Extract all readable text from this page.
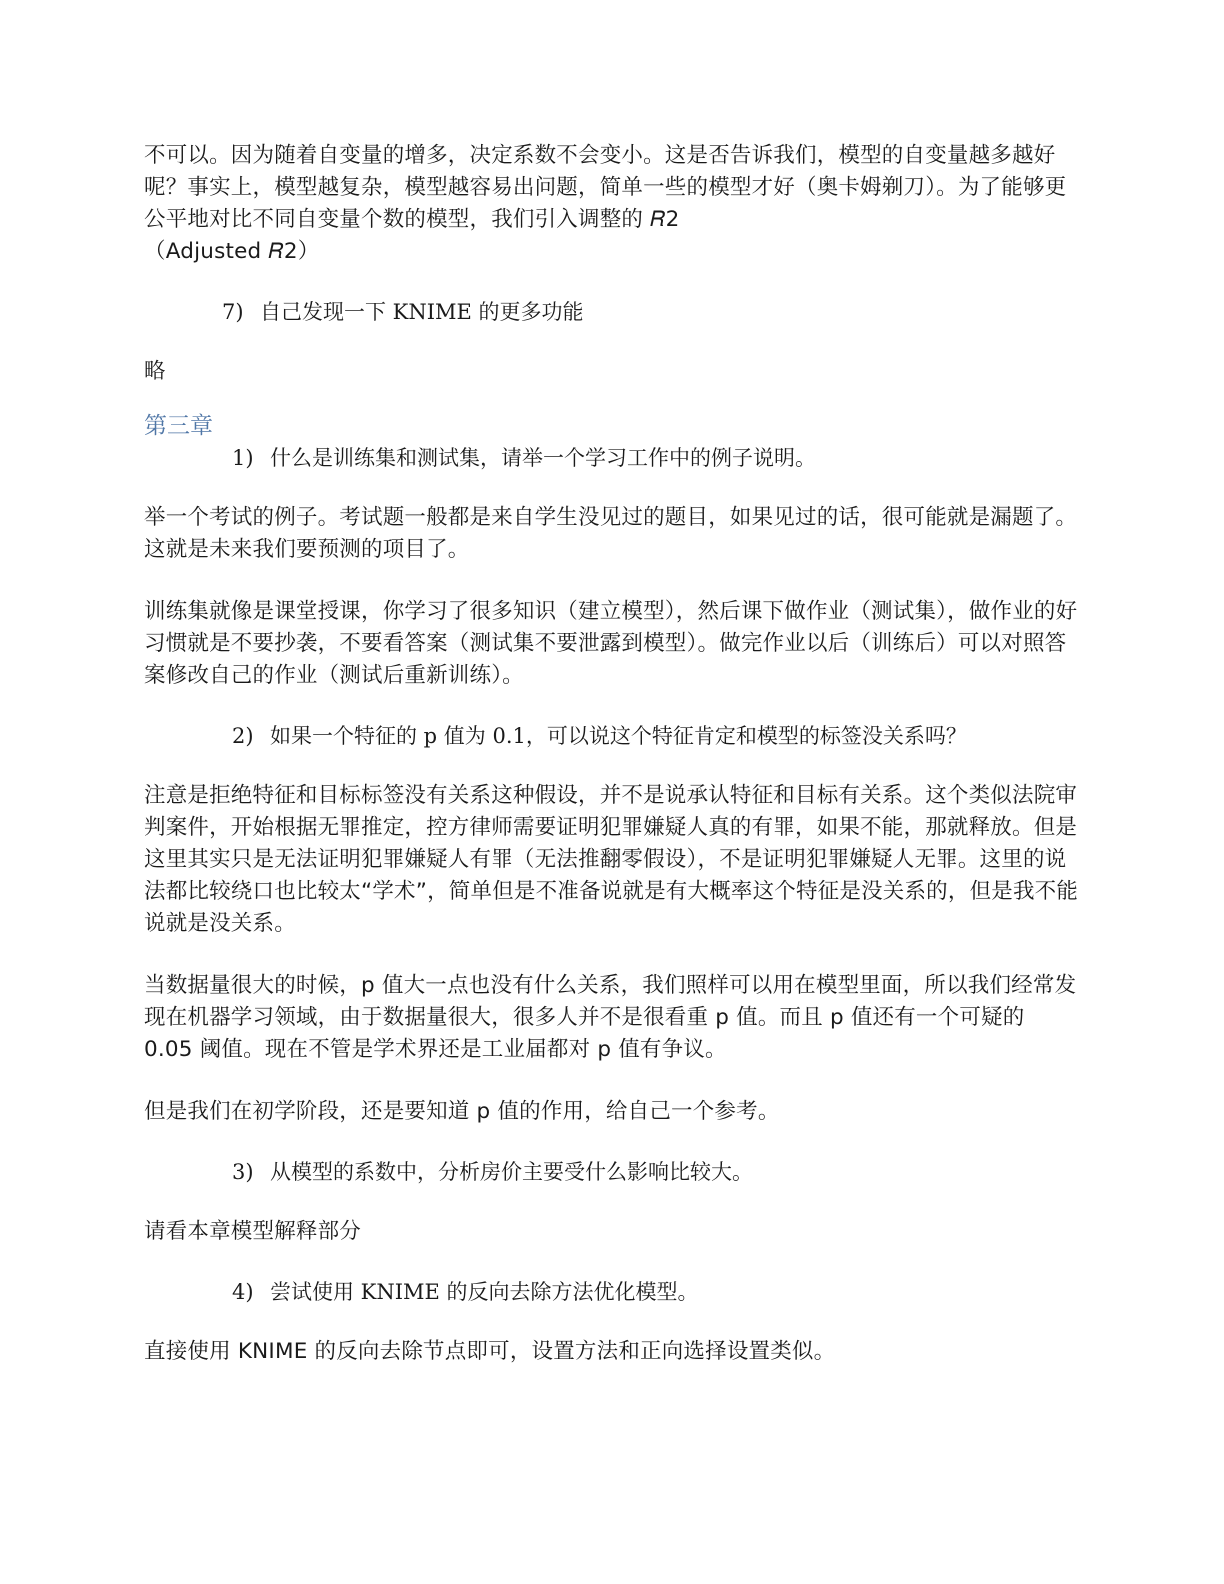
不可以。因为随着自变量的增多，决定系数不会变小。这是否告诉我们，模型的自变量越多越好呢？事实上，模型越复杂，模型越容易出问题，简单一些的模型才好（奥卡姆剃刀）。为了能够更公平地对比不同自变量个数的模型，我们引入调整的 𝑅2

（Adjusted 𝑅2）

7) 自己发现一下 KNIME 的更多功能

略

第三章

1) 什么是训练集和测试集，请举一个学习工作中的例子说明。

举一个考试的例子。考试题一般都是来自学生没见过的题目，如果见过的话，很可能就是漏题了。这就是未来我们要预测的项目了。

训练集就像是课堂授课，你学习了很多知识（建立模型），然后课下做作业（测试集），做作业的好习惯就是不要抄袭，不要看答案（测试集不要泄露到模型）。做完作业以后（训练后）可以对照答案修改自己的作业（测试后重新训练）。

2) 如果一个特征的 p 值为 0.1，可以说这个特征肯定和模型的标签没关系吗？

注意是拒绝特征和目标标签没有关系这种假设，并不是说承认特征和目标有关系。这个类似法院审判案件，开始根据无罪推定，控方律师需要证明犯罪嫌疑人真的有罪，如果不能，那就释放。但是这里其实只是无法证明犯罪嫌疑人有罪（无法推翻零假设），不是证明犯罪嫌疑人无罪。这里的说法都比较绕口也比较太“学术”，简单但是不准备说就是有大概率这个特征是没关系的，但是我不能说就是没关系。

当数据量很大的时候，p 值大一点也没有什么关系，我们照样可以用在模型里面，所以我们经常发现在机器学习领域，由于数据量很大，很多人并不是很看重 p 值。而且 p 值还有一个可疑的 0.05 阈值。现在不管是学术界还是工业届都对 p 值有争议。

但是我们在初学阶段，还是要知道 p 值的作用，给自己一个参考。

3) 从模型的系数中，分析房价主要受什么影响比较大。

请看本章模型解释部分

4) 尝试使用 KNIME 的反向去除方法优化模型。

直接使用 KNIME 的反向去除节点即可，设置方法和正向选择设置类似。
